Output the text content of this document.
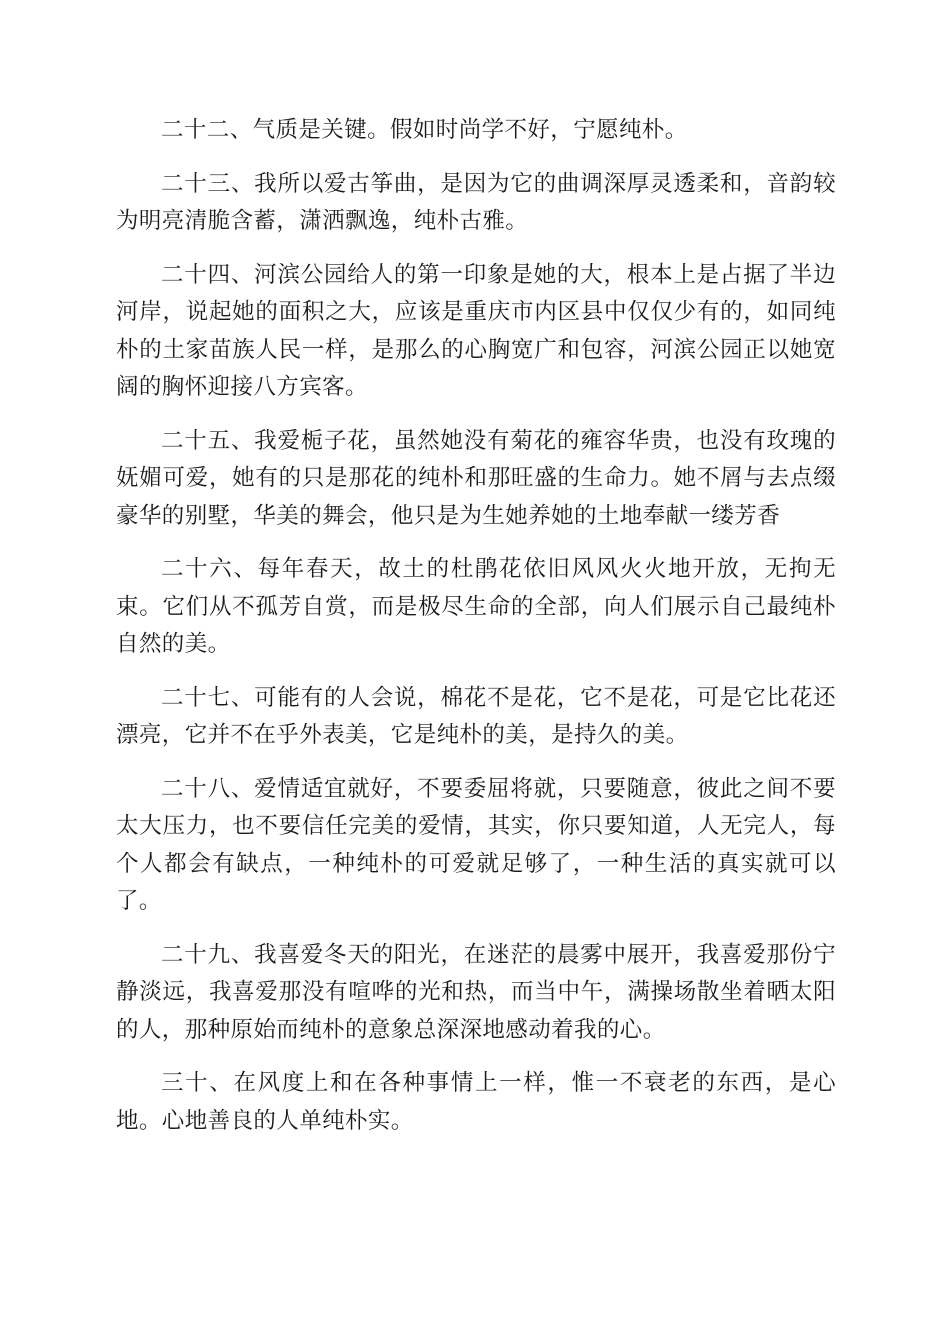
二十二、气质是关键。假如时尚学不好，宁愿纯朴。

二十三、我所以爱古筝曲，是因为它的曲调深厚灵透柔和，音韵较为明亮清脆含蓄，潇洒飘逸，纯朴古雅。

二十四、河滨公园给人的第一印象是她的大，根本上是占据了半边河岸，说起她的面积之大，应该是重庆市内区县中仅仅少有的，如同纯朴的土家苗族人民一样，是那么的心胸宽广和包容，河滨公园正以她宽阔的胸怀迎接八方宾客。

二十五、我爱栀子花，虽然她没有菊花的雍容华贵，也没有玫瑰的妩媚可爱，她有的只是那花的纯朴和那旺盛的生命力。她不屑与去点缀豪华的别墅，华美的舞会，他只是为生她养她的土地奉献一缕芳香

二十六、每年春天，故土的杜鹃花依旧风风火火地开放，无拘无束。它们从不孤芳自赏，而是极尽生命的全部，向人们展示自己最纯朴自然的美。

二十七、可能有的人会说，棉花不是花，它不是花，可是它比花还漂亮，它并不在乎外表美，它是纯朴的美，是持久的美。

二十八、爱情适宜就好，不要委屈将就，只要随意，彼此之间不要太大压力，也不要信任完美的爱情，其实，你只要知道，人无完人，每个人都会有缺点，一种纯朴的可爱就足够了，一种生活的真实就可以了。

二十九、我喜爱冬天的阳光，在迷茫的晨雾中展开，我喜爱那份宁静淡远，我喜爱那没有喧哗的光和热，而当中午，满操场散坐着晒太阳的人，那种原始而纯朴的意象总深深地感动着我的心。

三十、在风度上和在各种事情上一样，惟一不衰老的东西，是心地。心地善良的人单纯朴实。
